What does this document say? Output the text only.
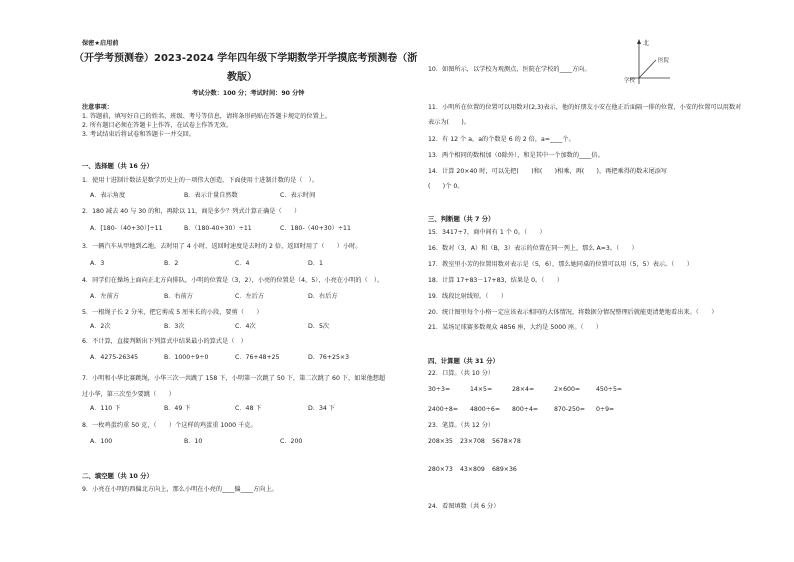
保密★启用前
（开学考预测卷）2023-2024 学年四年级下学期数学开学摸底考预测卷（浙
教版）
考试分数：100 分；考试时间：90 分钟
注意事项：
1. 答题前，填写好自己的姓名、班级、考号等信息，请将条形码贴在答题卡规定的位置上。
2. 所有题目必须在答题卡上作答，在试卷上作答无效。
3. 考试结束后将试卷和答题卡一并交回。
一、选择题（共 16 分）
1．使用十进制计数法是数学历史上的一项伟大创造，下面使用十进制计数的是（　）。
A．表示角度	B．表示计量自然数	C．表示时间
2．180 减去 40 与 30 的和，再除以 11，商是多少？列式计算正确是（　　）
A．[180-（40+30）]÷11	B．（180-40+30）÷11	C．180-（40+30）÷11
3．一辆汽车从甲地到乙地，去时用了 4 小时，返回时速度是去时的 2 倍，返回时用了（　　）小时。
A．3	B．2	C．4	D．1
4．同学们在操场上面向正北方向排队，小明的位置是（3，2），小亮的位置是（4，5），小亮在小明的（　）。
A．左前方	B．右前方	C．左后方	D．右后方
5．一根绳子长 2 分米，把它剪成 5 厘米长的小段，要剪（　　）
A．2次	B．3次	C．4次	D．5次
6．不计算，直接判断出下列算式中结果最小的算式是（　）
A．4275-26345	B．1000÷9÷0	C．76+48+25	D．76+25×3
7．小明和小华比赛跳绳，小华三次一共跳了 158 下，小明第一次跳了 50 下，第二次跳了 60 下，如果他想超
过小华，第三次至少要跳（　　）
A．110 下	B．49 下	C．48 下	D．34 下
8．一枚鸡蛋约重 50 克，（　　）个这样的鸡蛋重 1000 千克。
A．100	B．10	C．200
二、填空题（共 10 分）
9．小亮在小明的西偏北方向上，那么小明在小亮的____偏____方向上。
10．如图所示，以学校为观测点，医院在学校的____方向。
北
医院
学校
11．小明所在位置的位置可以用数对(2,3)表示，他的好朋友小安在他正后面隔一排的位置，小安的位置可以用数对
表示为(　　)。
12．有 12 个 a，a的个数是 6 的 2 倍，a=____个。
13．两个相同的数相加（0除外），和是其中一个加数的____倍。
14．计算 20×40 时，可以先把(　　)和(　　)相乘，再(　　)，再把乘得的数末尾添写
(　　)个 0。
三、判断题（共 7 分）
15．3417÷7，商中间有 1 个 0。（　　）
16．数对（3，A）和（B，3）表示的位置在同一列上，那么 A=3。（　　）
17．教室里小芳的位置用数对表示是（5，6），那么她同桌的位置可以用（5，5）表示。（　　）
18．计算 17+83－17+83，结果是 0。（　　）
19．线段比射线短。（　　）
20．统计图里每个小格一定应该表示相同的大体情况，将数据分情况整理后就能更清楚地看出来。（　　）
21．某场足球赛多数观众 4856 座，大约是 5000 座。（　　）
四、计算题（共 31 分）
22．口算。（共 10 分）
30÷3=	14×5=	28×4=	2×600=	450÷5=
2400÷8= 4800÷6= 800÷4=	870-250= 0÷9=
23．笔算。（共 12 分）
208×35 23×708 5678×78
280×73 43×809 689×36
24．看图填数（共 6 分）
